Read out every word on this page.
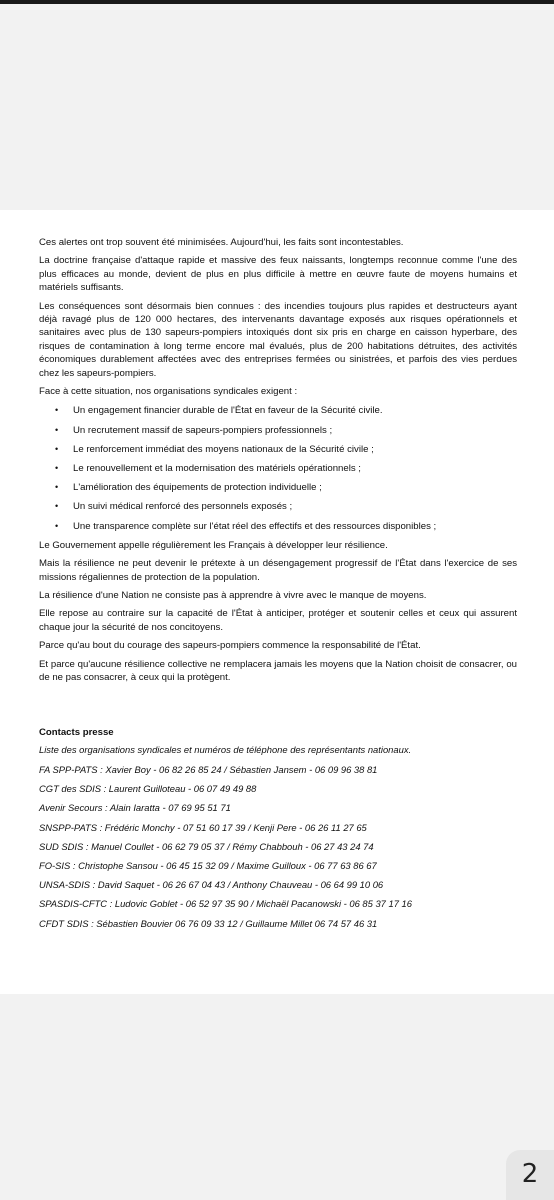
Ces alertes ont trop souvent été minimisées. Aujourd'hui, les faits sont incontestables.

La doctrine française d'attaque rapide et massive des feux naissants, longtemps reconnue comme l'une des plus efficaces au monde, devient de plus en plus difficile à mettre en œuvre faute de moyens humains et matériels suffisants.

Les conséquences sont désormais bien connues : des incendies toujours plus rapides et destructeurs ayant déjà ravagé plus de 120 000 hectares, des intervenants davantage exposés aux risques opérationnels et sanitaires avec plus de 130 sapeurs-pompiers intoxiqués dont six pris en charge en caisson hyperbare, des risques de contamination à long terme encore mal évalués, plus de 200 habitations détruites, des activités économiques durablement affectées avec des entreprises fermées ou sinistrées, et parfois des vies perdues chez les sapeurs-pompiers.

Face à cette situation, nos organisations syndicales exigent :

• Un engagement financier durable de l'État en faveur de la Sécurité civile.
• Un recrutement massif de sapeurs-pompiers professionnels ;
• Le renforcement immédiat des moyens nationaux de la Sécurité civile ;
• Le renouvellement et la modernisation des matériels opérationnels ;
• L'amélioration des équipements de protection individuelle ;
• Un suivi médical renforcé des personnels exposés ;
• Une transparence complète sur l'état réel des effectifs et des ressources disponibles ;

Le Gouvernement appelle régulièrement les Français à développer leur résilience.

Mais la résilience ne peut devenir le prétexte à un désengagement progressif de l'État dans l'exercice de ses missions régaliennes de protection de la population.

La résilience d'une Nation ne consiste pas à apprendre à vivre avec le manque de moyens.

Elle repose au contraire sur la capacité de l'État à anticiper, protéger et soutenir celles et ceux qui assurent chaque jour la sécurité de nos concitoyens.

Parce qu'au bout du courage des sapeurs-pompiers commence la responsabilité de l'État.

Et parce qu'aucune résilience collective ne remplacera jamais les moyens que la Nation choisit de consacrer, ou de ne pas consacrer, à ceux qui la protègent.

Contacts presse
Liste des organisations syndicales et numéros de téléphone des représentants nationaux.
FA SPP-PATS : Xavier Boy - 06 82 26 85 24 / Sébastien Jansem - 06 09 96 38 81
CGT des SDIS : Laurent Guilloteau - 06 07 49 49 88
Avenir Secours : Alain Iaratta - 07 69 95 51 71
SNSPP-PATS : Frédéric Monchy - 07 51 60 17 39 / Kenji Pere - 06 26 11 27 65
SUD SDIS : Manuel Coullet - 06 62 79 05 37 / Rémy Chabbouh - 06 27 43 24 74
FO-SIS : Christophe Sansou - 06 45 15 32 09 / Maxime Guilloux - 06 77 63 86 67
UNSA-SDIS : David Saquet - 06 26 67 04 43 / Anthony Chauveau - 06 64 99 10 06
SPASDIS-CFTC : Ludovic Goblet - 06 52 97 35 90 / Michaël Pacanowski - 06 85 37 17 16
CFDT SDIS : Sébastien Bouvier 06 76 09 33 12 / Guillaume Millet 06 74 57 46 31
2
